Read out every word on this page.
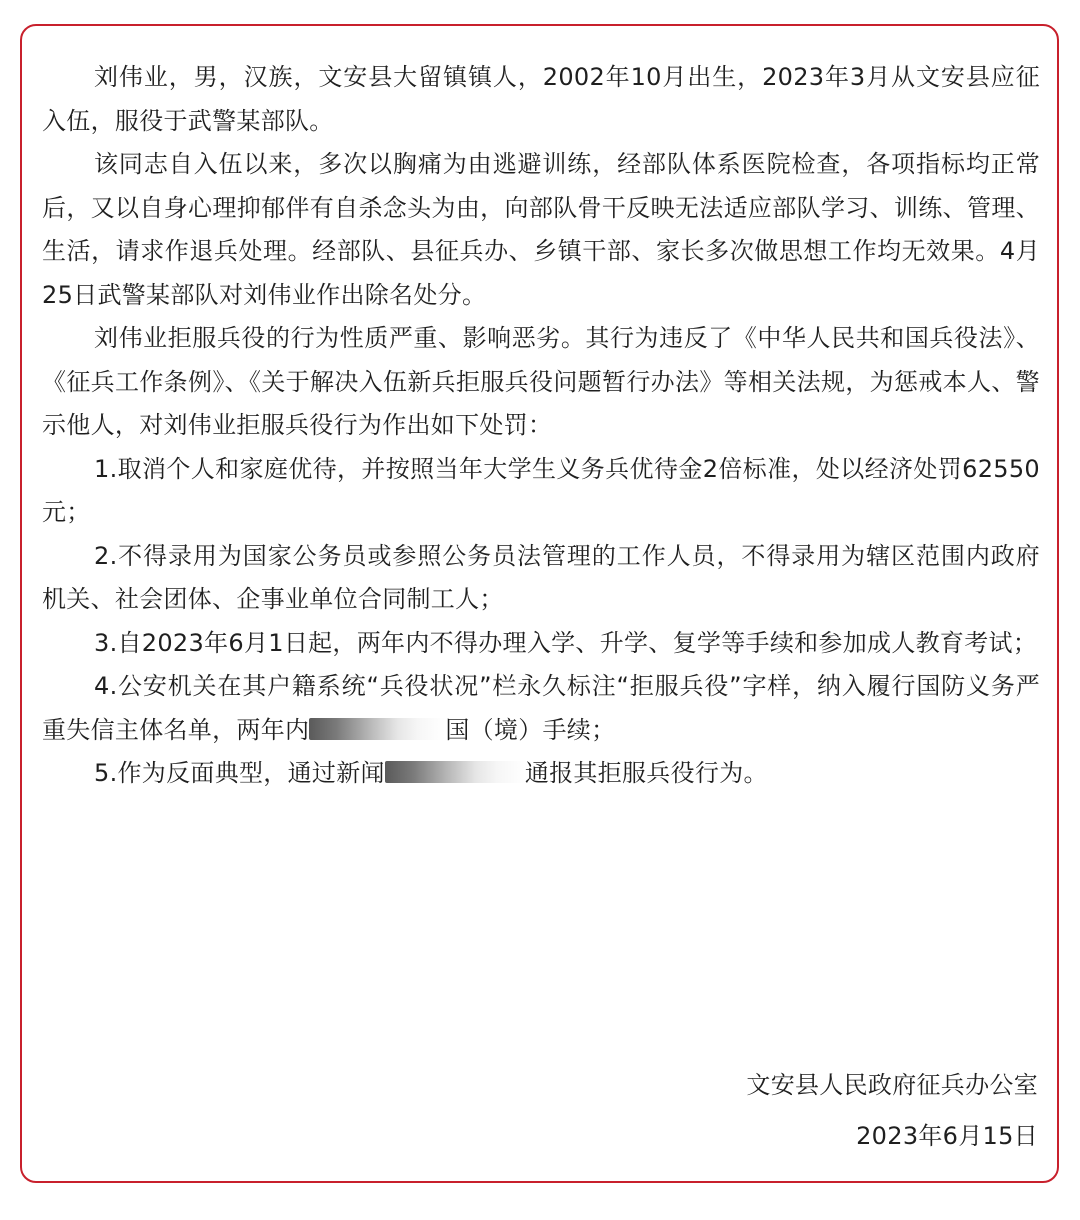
刘伟业，男，汉族，文安县大留镇镇人，2002年10月出生，2023年3月从文安县应征入伍，服役于武警某部队。

该同志自入伍以来，多次以胸痛为由逃避训练，经部队体系医院检查，各项指标均正常后，又以自身心理抑郁伴有自杀念头为由，向部队骨干反映无法适应部队学习、训练、管理、生活，请求作退兵处理。经部队、县征兵办、乡镇干部、家长多次做思想工作均无效果。4月25日武警某部队对刘伟业作出除名处分。

刘伟业拒服兵役的行为性质严重、影响恶劣。其行为违反了《中华人民共和国兵役法》、《征兵工作条例》、《关于解决入伍新兵拒服兵役问题暂行办法》等相关法规，为惩戒本人、警示他人，对刘伟业拒服兵役行为作出如下处罚：

1.取消个人和家庭优待，并按照当年大学生义务兵优待金2倍标准，处以经济处罚62550元；

2.不得录用为国家公务员或参照公务员法管理的工作人员，不得录用为辖区范围内政府机关、社会团体、企事业单位合同制工人；

3.自2023年6月1日起，两年内不得办理入学、升学、复学等手续和参加成人教育考试；

4.公安机关在其户籍系统“兵役状况”栏永久标注“拒服兵役”字样，纳入履行国防义务严重失信主体名单，两年内	国（境）手续；

5.作为反面典型，通过新闻	通报其拒服兵役行为。

文安县人民政府征兵办公室
2023年6月15日
